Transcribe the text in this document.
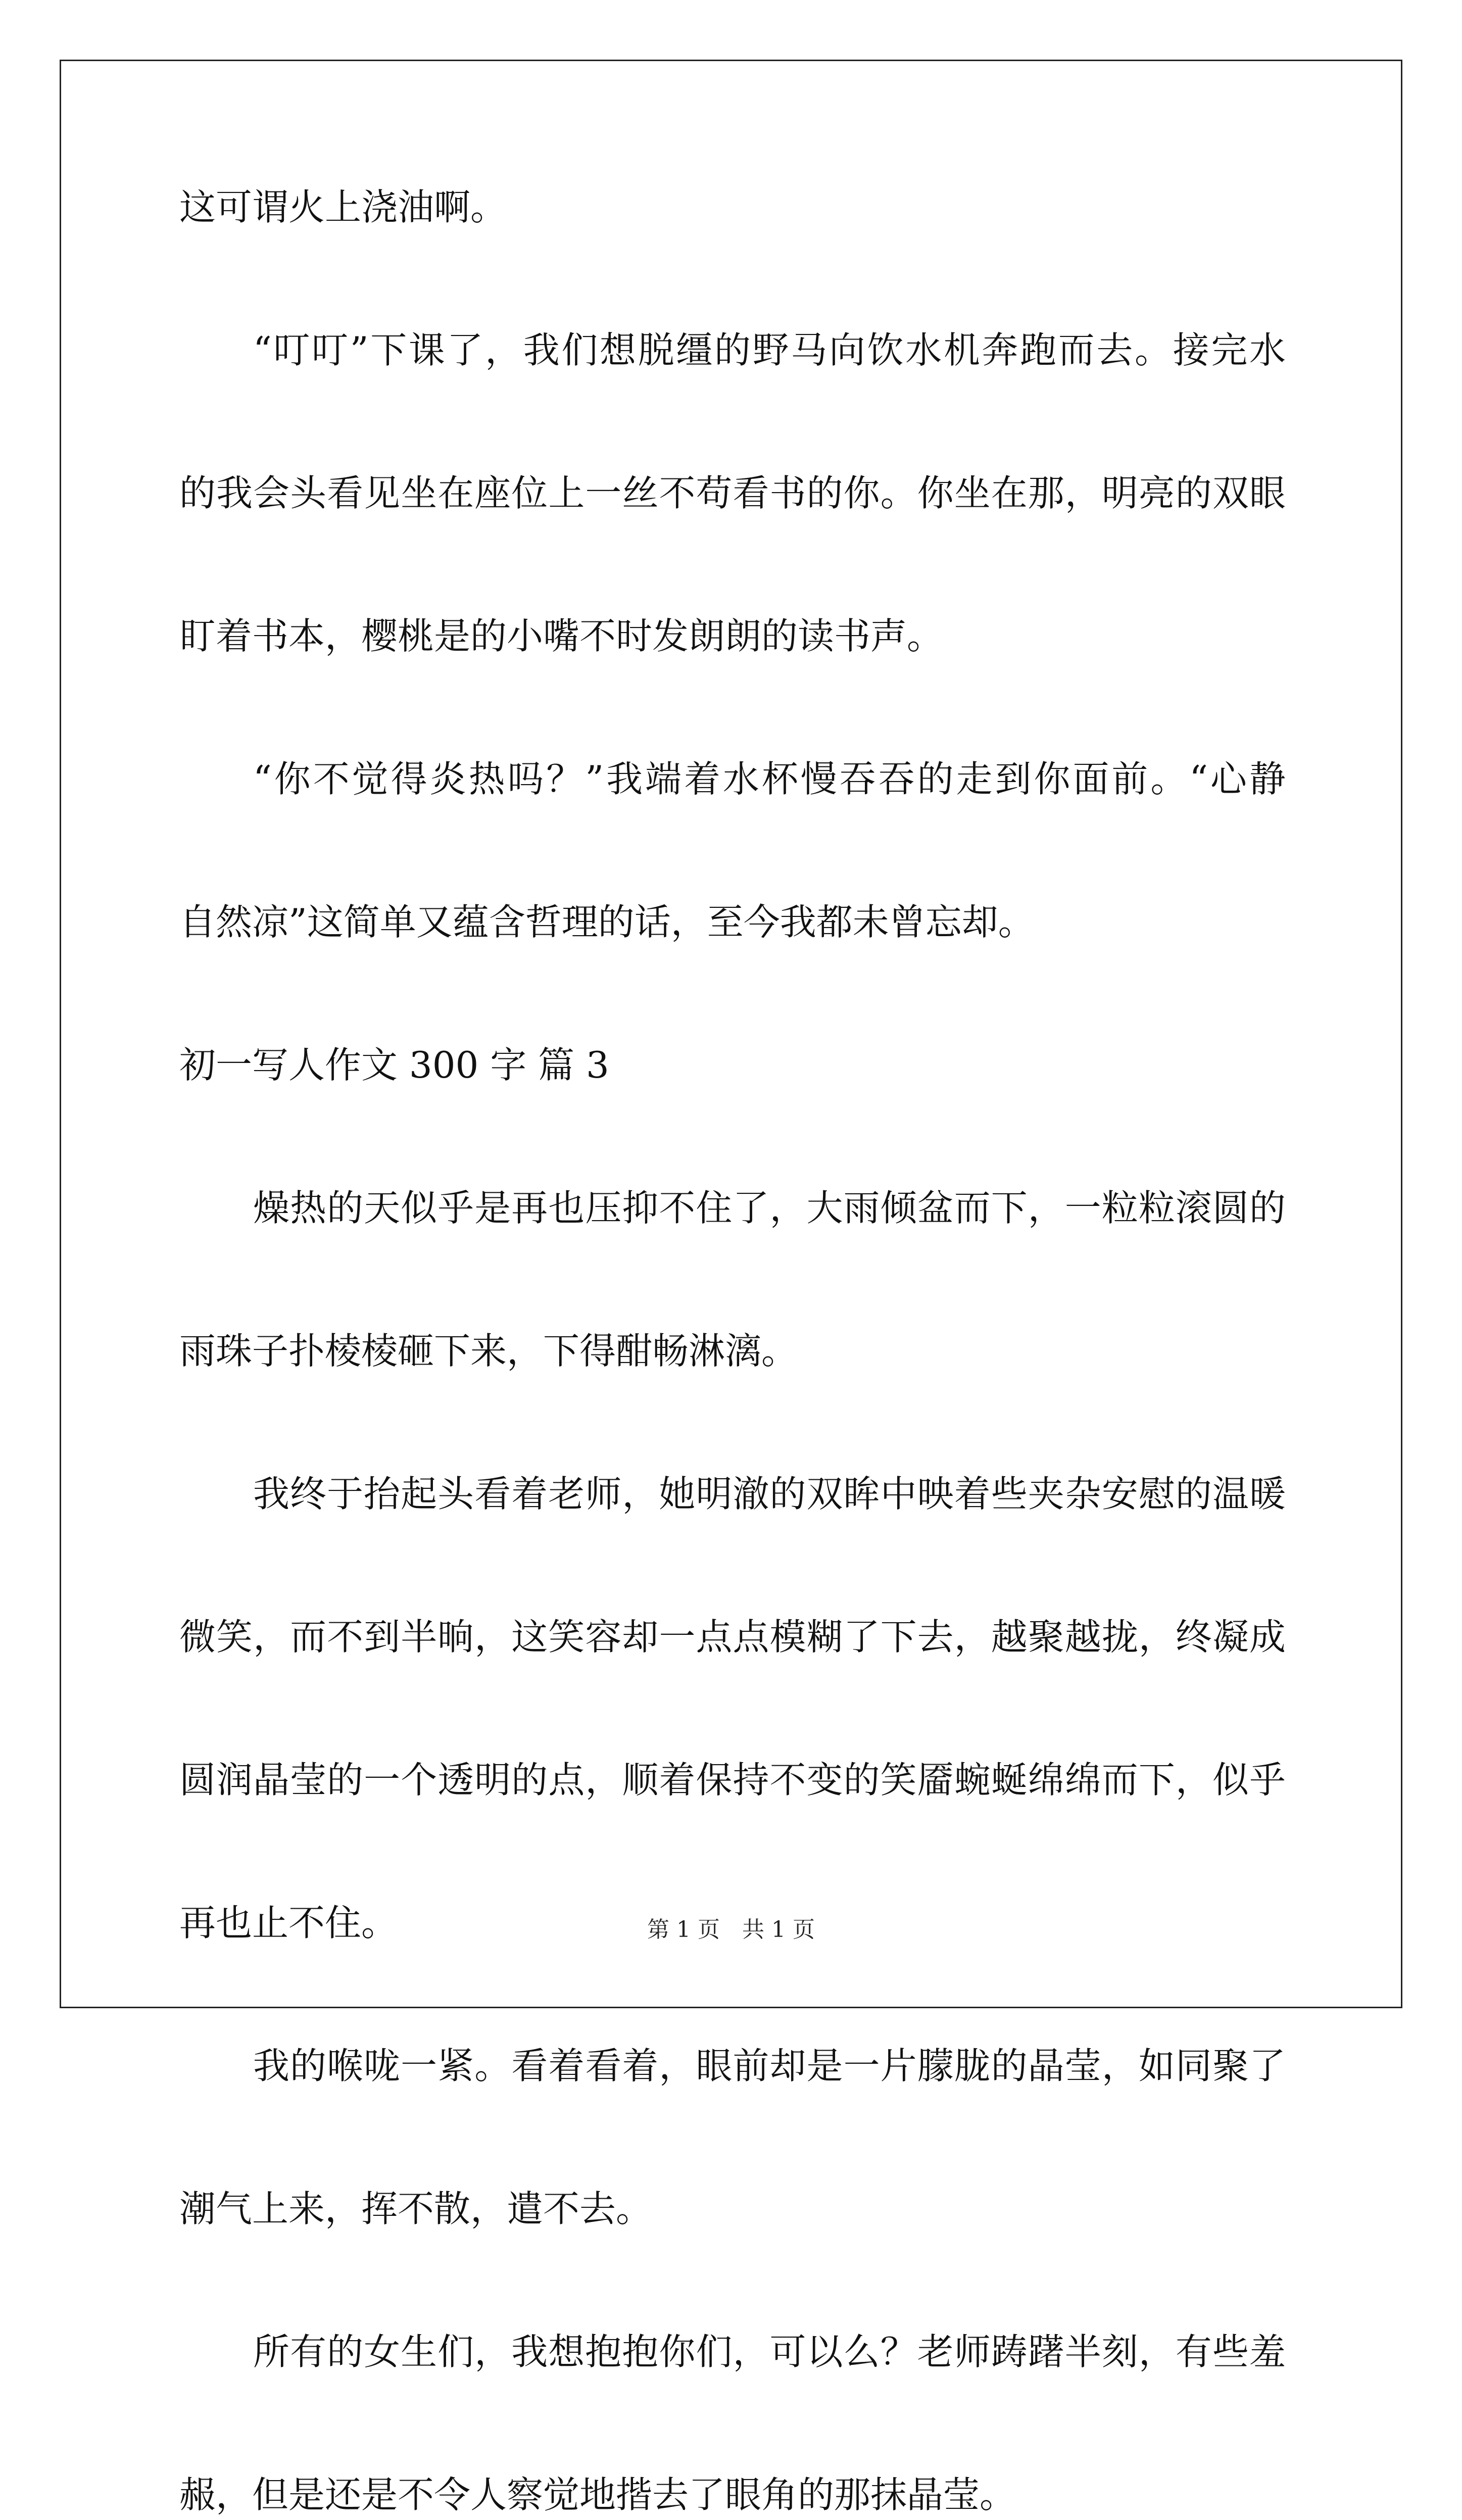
这可谓火上浇油啊。
“叮叮”下课了，我们想脱缰的野马向饮水机奔跑而去。接完水
的我会头看见坐在座位上一丝不苟看书的你。你坐在那，明亮的双眼
盯着书本，樱桃是的小嘴不时发朗朗的读书声。
“你不觉得炎热吗？”我端着水杯慢吞吞的走到你面前。“心静
自然凉”这简单又蕴含哲理的话，至今我都未曾忘却。
初一写人作文 300 字 篇 3
燥热的天似乎是再也压抑不住了，大雨倾盆而下，一粒粒滚圆的
雨珠子扑棱棱砸下来，下得酣畅淋漓。
我终于抬起头看着老师，她明澈的双眸中映着些夹杂安慰的温暖
微笑，而不到半晌，这笑容却一点点模糊了下去，越聚越拢，终凝成
圆润晶莹的一个透明的点，顺着保持不变的笑靥蜿蜒绵绵而下，似乎
再也止不住。
我的喉咙一紧。看着看着，眼前却是一片朦胧的晶莹，如同聚了
潮气上来，挥不散，遣不去。
所有的女生们，我想抱抱你们，可以么？老师踌躇半刻，有些羞
赧，但是还是不令人察觉地揩去了眼角的那抹晶莹。
第 1 页 共 1 页
